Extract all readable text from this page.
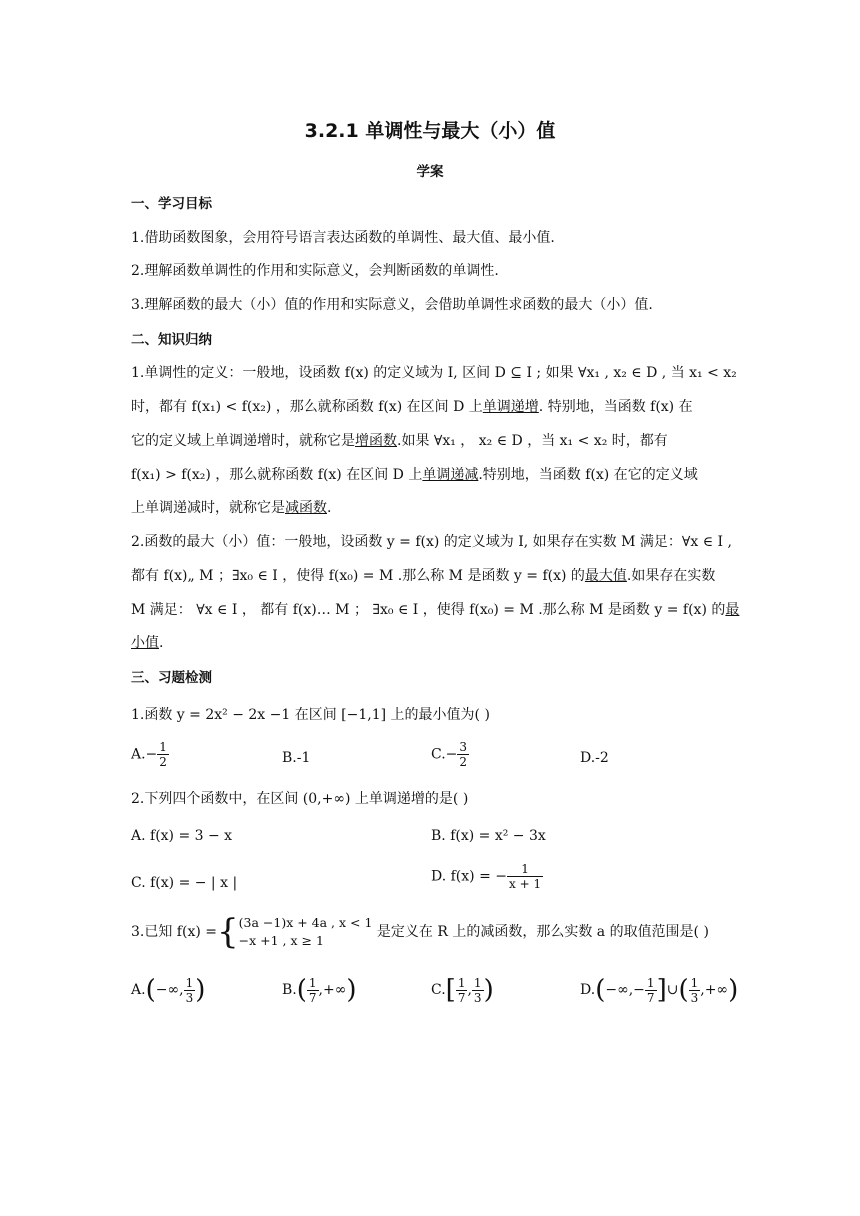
3.2.1 单调性与最大（小）值
学案
一、学习目标
1.借助函数图象，会用符号语言表达函数的单调性、最大值、最小值.
2.理解函数单调性的作用和实际意义，会判断函数的单调性.
3.理解函数的最大（小）值的作用和实际意义，会借助单调性求函数的最大（小）值.
二、知识归纳
1.单调性的定义：一般地，设函数 f(x) 的定义域为 I, 区间 D ⊆ I ; 如果 ∀x₁ , x₂ ∈ D , 当 x₁ < x₂
时，都有 f(x₁) < f(x₂) ，那么就称函数 f(x) 在区间 D 上单调递增. 特别地，当函数 f(x) 在
它的定义域上单调递增时，就称它是增函数.如果 ∀x₁ ， x₂ ∈ D ，当 x₁ < x₂ 时，都有
f(x₁) > f(x₂) ，那么就称函数 f(x) 在区间 D 上单调递减.特别地，当函数 f(x) 在它的定义域
上单调递减时，就称它是减函数.
2.函数的最大（小）值：一般地，设函数 y = f(x) 的定义域为 I, 如果存在实数 M 满足：∀x ∈ I ,
都有 f(x)„ M ；∃x₀ ∈ I ，使得 f(x₀) = M .那么称 M 是函数 y = f(x) 的最大值.如果存在实数
M 满足： ∀x ∈ I ， 都有 f(x)… M ； ∃x₀ ∈ I ，使得 f(x₀) = M .那么称 M 是函数 y = f(x) 的最
小值.
三、习题检测
1.函数 y = 2x² − 2x −1 在区间 [−1,1] 上的最小值为( )
$A.- \frac{1}{2}$	B.-1	$C.- \frac{3}{2}$	D.-2
2.下列四个函数中，在区间 (0,+∞) 上单调递增的是( )
A. f(x) = 3 − x	B. f(x) = x² − 3x
C. f(x) = − | x |	D. f(x) = − $\frac{1}{x + 1}$
3.已知 f(x) ={ (3a −1)x + 4a , x < 1
−x +1 , x ≥ 1
是定义在 R 上的减函数，那么实数 a 的取值范围是( )
A.(−∞, $\frac{1}{3}$ )	$B.( \frac{1}{7}$ ,+∞)	$C.[ \frac{1}{7}$ , $\frac{1}{3}$ )	$D.(-\infty,- \frac{1}{7}$ ]∪( $\frac{1}{3}$ ,+∞)
